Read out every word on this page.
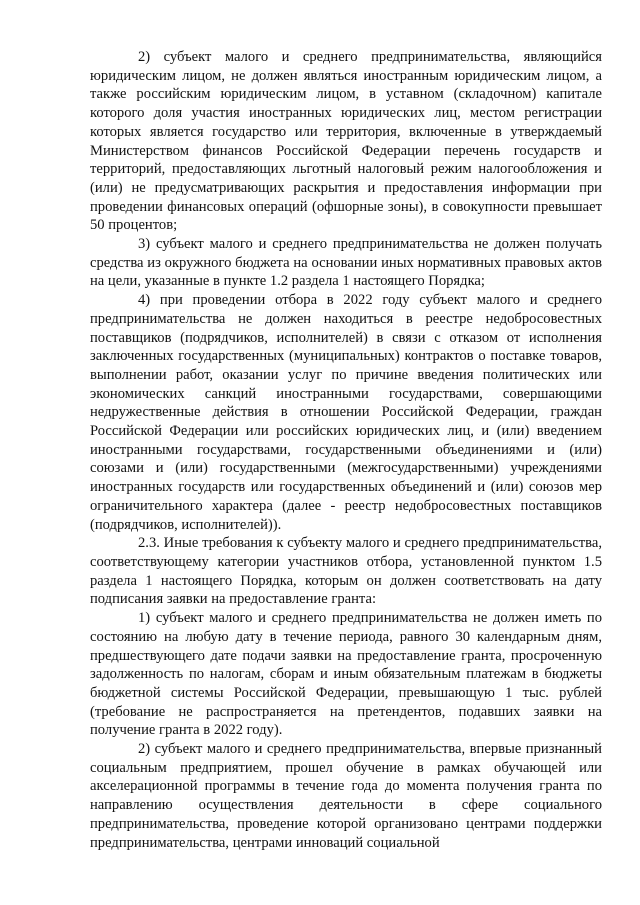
2) субъект малого и среднего предпринимательства, являющийся юридическим лицом, не должен являться иностранным юридическим лицом, а также российским юридическим лицом, в уставном (складочном) капитале которого доля участия иностранных юридических лиц, местом регистрации которых является государство или территория, включенные в утверждаемый Министерством финансов Российской Федерации перечень государств и территорий, предоставляющих льготный налоговый режим налогообложения и (или) не предусматривающих раскрытия и предоставления информации при проведении финансовых операций (офшорные зоны), в совокупности превышает 50 процентов;

3) субъект малого и среднего предпринимательства не должен получать средства из окружного бюджета на основании иных нормативных правовых актов на цели, указанные в пункте 1.2 раздела 1 настоящего Порядка;

4) при проведении отбора в 2022 году субъект малого и среднего предпринимательства не должен находиться в реестре недобросовестных поставщиков (подрядчиков, исполнителей) в связи с отказом от исполнения заключенных государственных (муниципальных) контрактов о поставке товаров, выполнении работ, оказании услуг по причине введения политических или экономических санкций иностранными государствами, совершающими недружественные действия в отношении Российской Федерации, граждан Российской Федерации или российских юридических лиц, и (или) введением иностранными государствами, государственными объединениями и (или) союзами и (или) государственными (межгосударственными) учреждениями иностранных государств или государственных объединений и (или) союзов мер ограничительного характера (далее - реестр недобросовестных поставщиков (подрядчиков, исполнителей)).

2.3. Иные требования к субъекту малого и среднего предпринимательства, соответствующему категории участников отбора, установленной пунктом 1.5 раздела 1 настоящего Порядка, которым он должен соответствовать на дату подписания заявки на предоставление гранта:

1) субъект малого и среднего предпринимательства не должен иметь по состоянию на любую дату в течение периода, равного 30 календарным дням, предшествующего дате подачи заявки на предоставление гранта, просроченную задолженность по налогам, сборам и иным обязательным платежам в бюджеты бюджетной системы Российской Федерации, превышающую 1 тыс. рублей (требование не распространяется на претендентов, подавших заявки на получение гранта в 2022 году).

2) субъект малого и среднего предпринимательства, впервые признанный социальным предприятием, прошел обучение в рамках обучающей или акселерационной программы в течение года до момента получения гранта по направлению осуществления деятельности в сфере социального предпринимательства, проведение которой организовано центрами поддержки предпринимательства, центрами инноваций социальной
